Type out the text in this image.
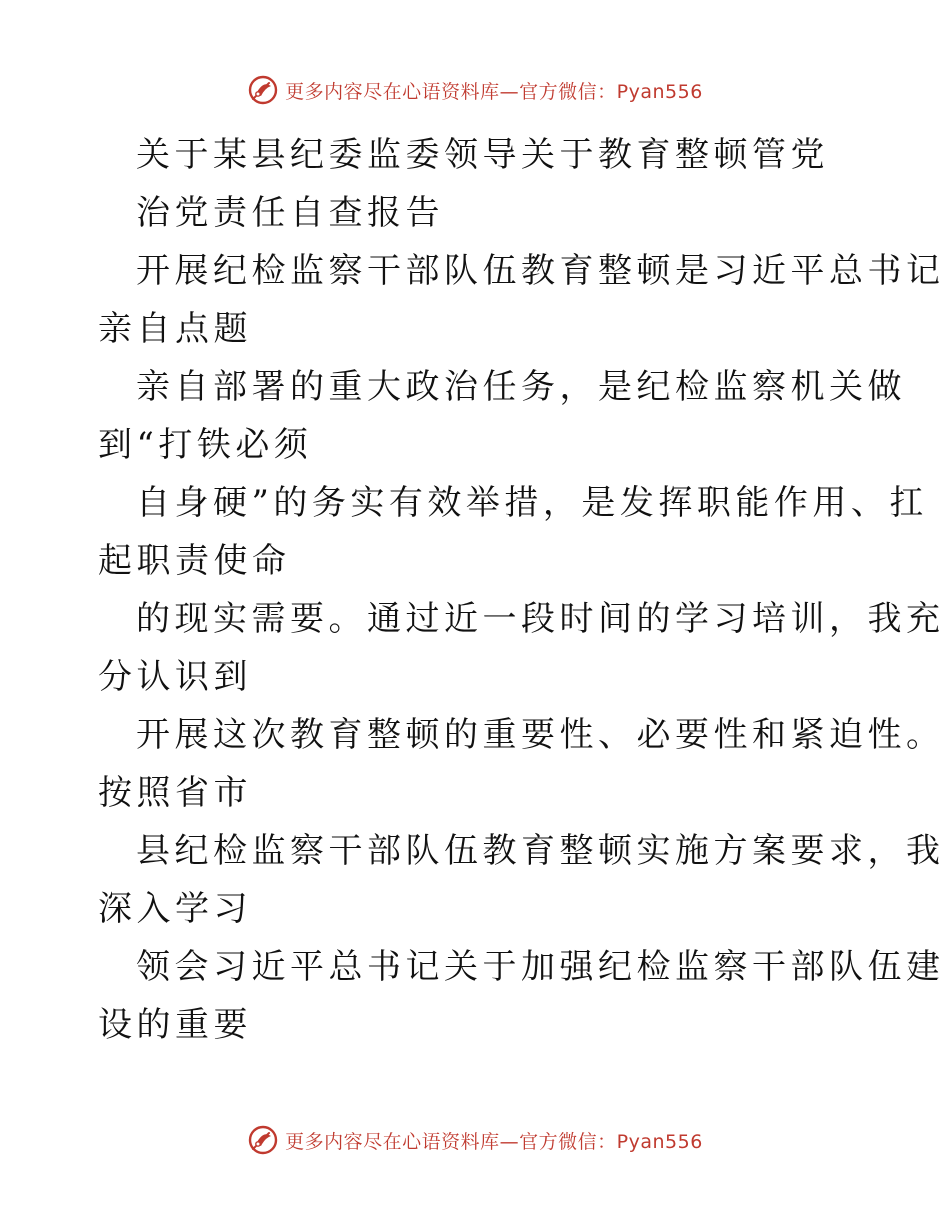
更多内容尽在心语资料库—官方微信：Pyan556
关于某县纪委监委领导关于教育整顿管党
治党责任自查报告
开展纪检监察干部队伍教育整顿是习近平总书记
亲自点题
亲自部署的重大政治任务，是纪检监察机关做
到“打铁必须
自身硬”的务实有效举措，是发挥职能作用、扛
起职责使命
的现实需要。通过近一段时间的学习培训，我充
分认识到
开展这次教育整顿的重要性、必要性和紧迫性。
按照省市
县纪检监察干部队伍教育整顿实施方案要求，我
深入学习
领会习近平总书记关于加强纪检监察干部队伍建
设的重要
更多内容尽在心语资料库—官方微信：Pyan556
